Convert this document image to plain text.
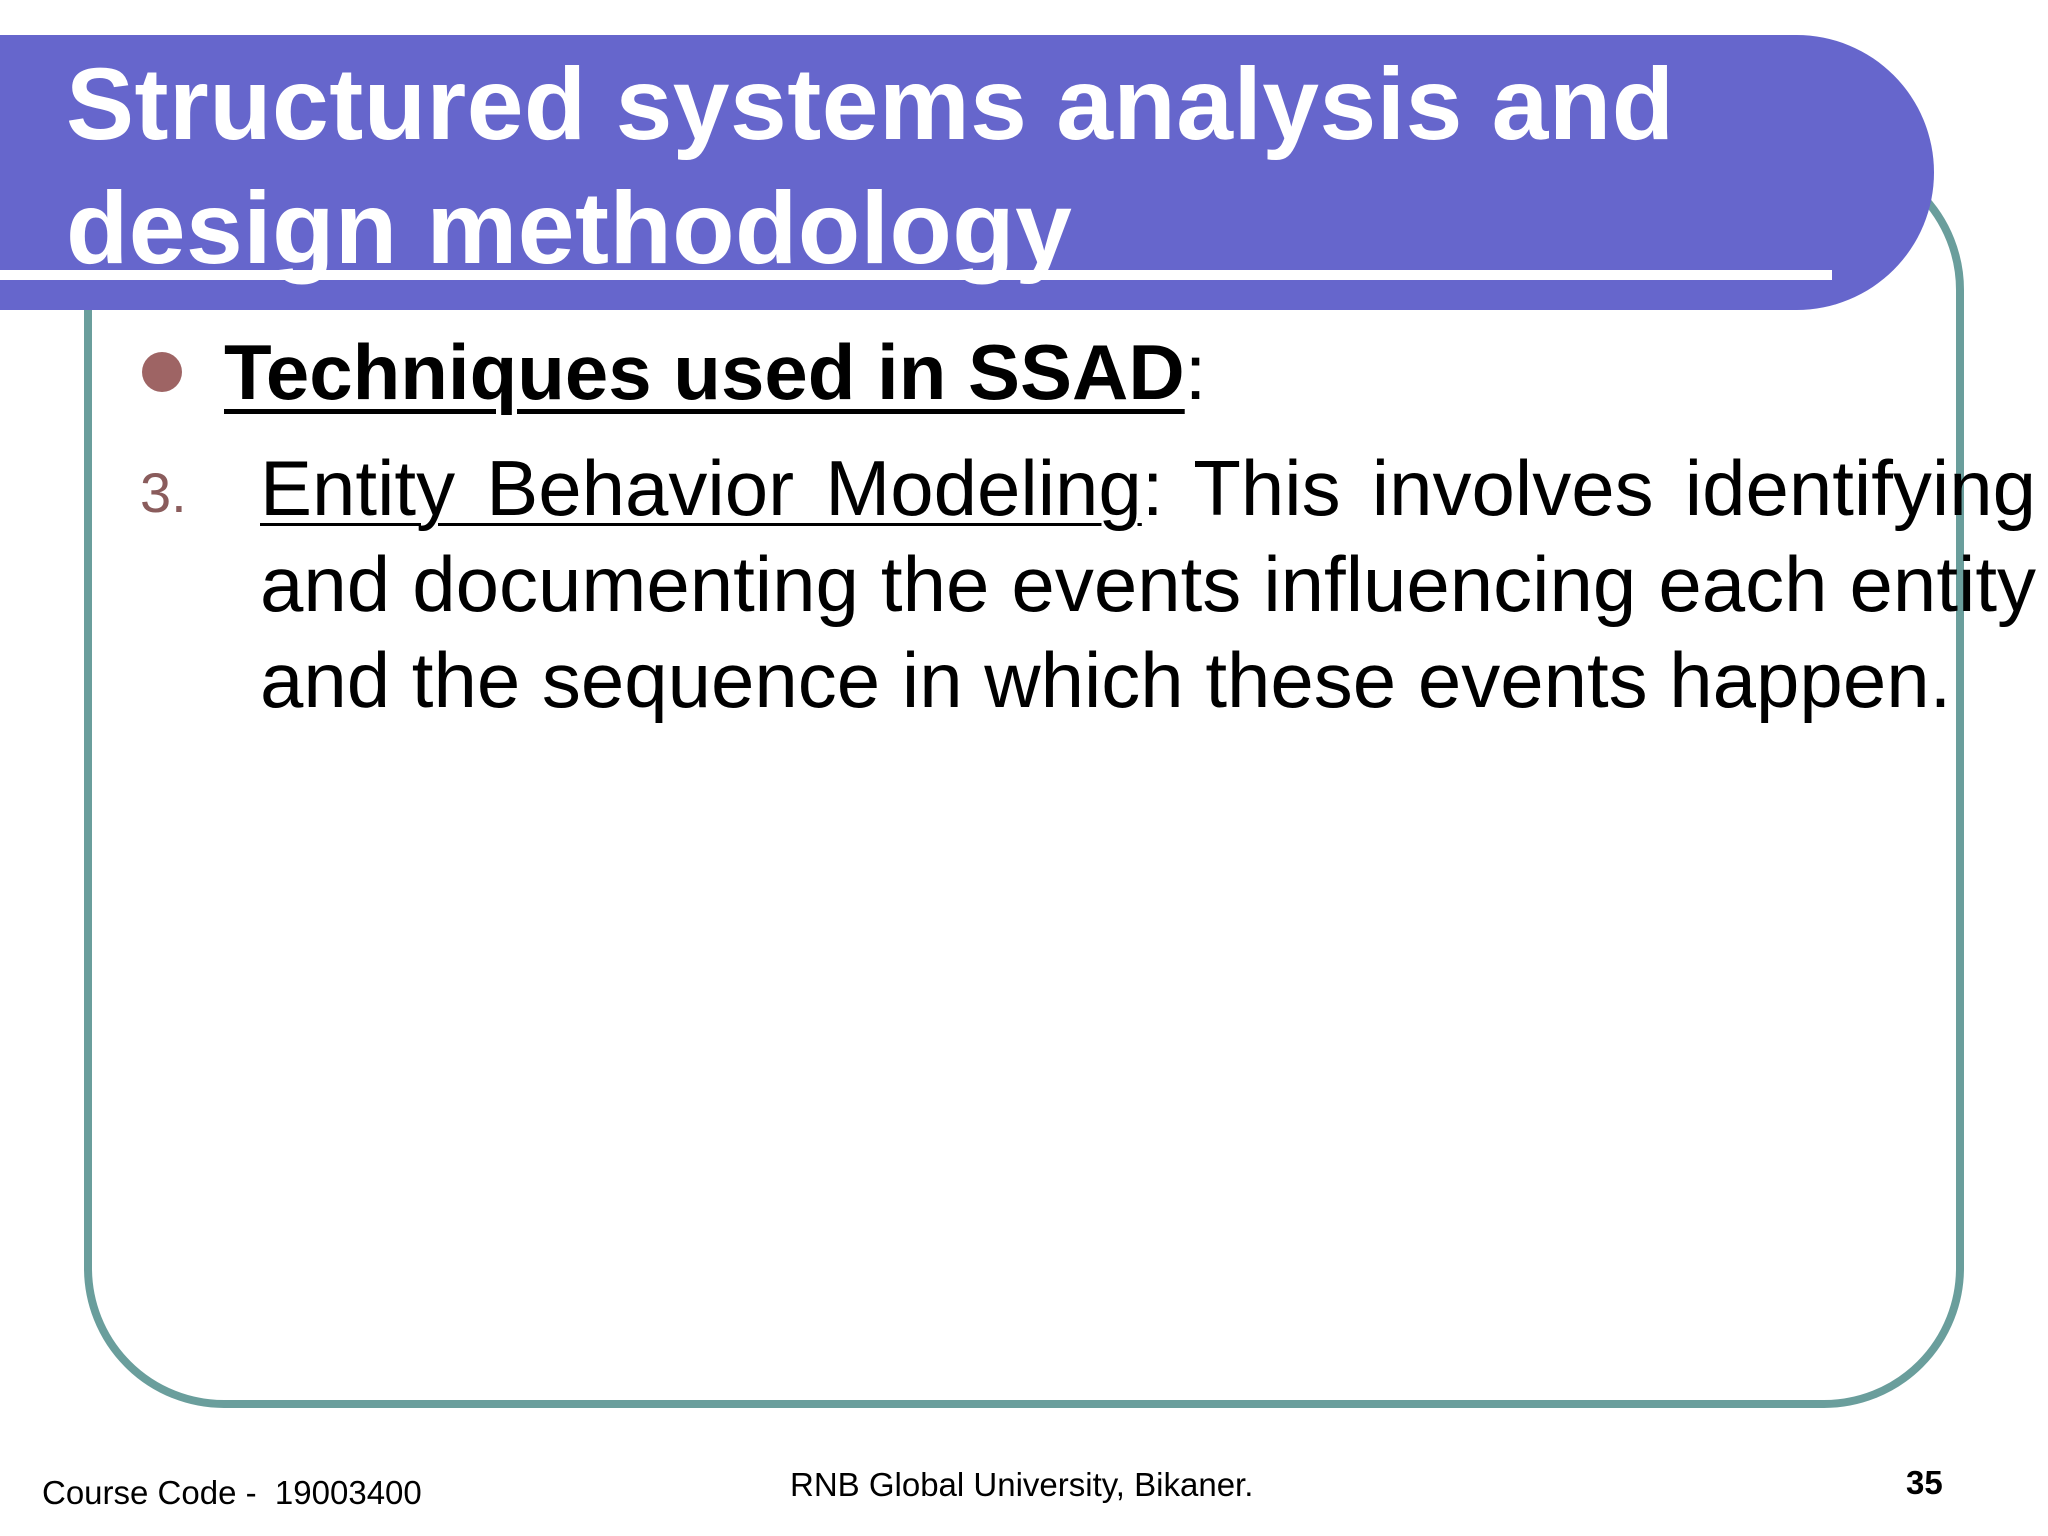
Structured systems analysis and design methodology
Techniques used in SSAD :
3. Entity Behavior Modeling: This involves identifying and documenting the events influencing each entity and the sequence in which these events happen.

Course Code -  19003400	RNB Global University, Bikaner.	35
